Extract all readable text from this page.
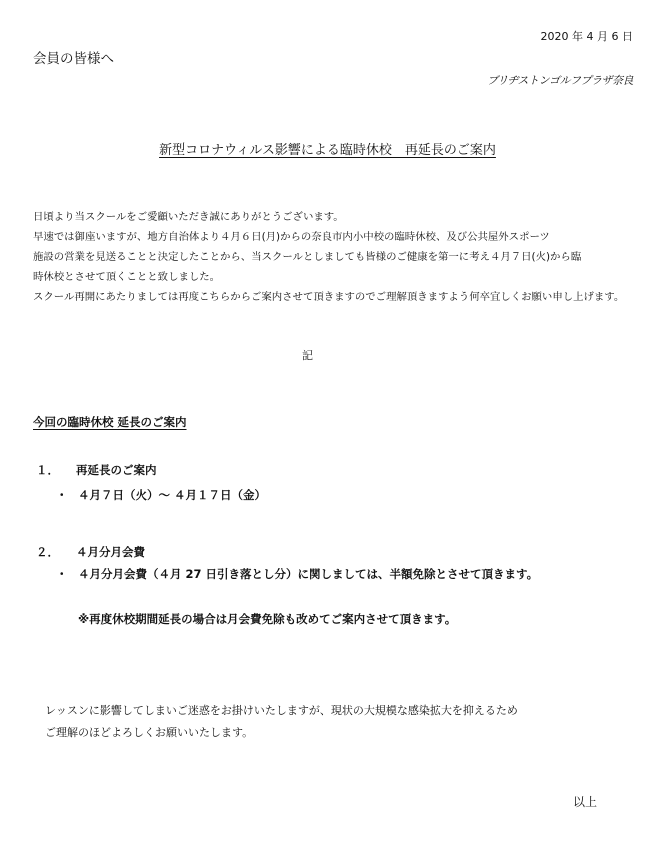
2020 年 4 月 6 日
会員の皆様へ
ブリヂストンゴルフプラザ奈良
新型コロナウィルス影響による臨時休校　再延長のご案内

日頃より当スクールをご愛顧いただき誠にありがとうございます。

早速では御座いますが、地方自治体より４月６日(月)からの奈良市内小中校の臨時休校、及び公共屋外スポーツ

施設の営業を見送ることと決定したことから、当スクールとしましても皆様のご健康を第一に考え４月７日(火)から臨

時休校とさせて頂くことと致しました。

スクール再開にあたりましては再度こちらからご案内させて頂きますのでご理解頂きますよう何卒宜しくお願い申し上げます。

記
今回の臨時休校 延長のご案内
１． 再延長のご案内
・ ４月７日（火）～ ４月１７日（金）
２． ４月分月会費
・ ４月分月会費（４月 27 日引き落とし分）に関しましては、半額免除とさせて頂きます。
※再度休校期間延長の場合は月会費免除も改めてご案内させて頂きます。

レッスンに影響してしまいご迷惑をお掛けいたしますが、現状の大規模な感染拡大を抑えるため

ご理解のほどよろしくお願いいたします。

以上
